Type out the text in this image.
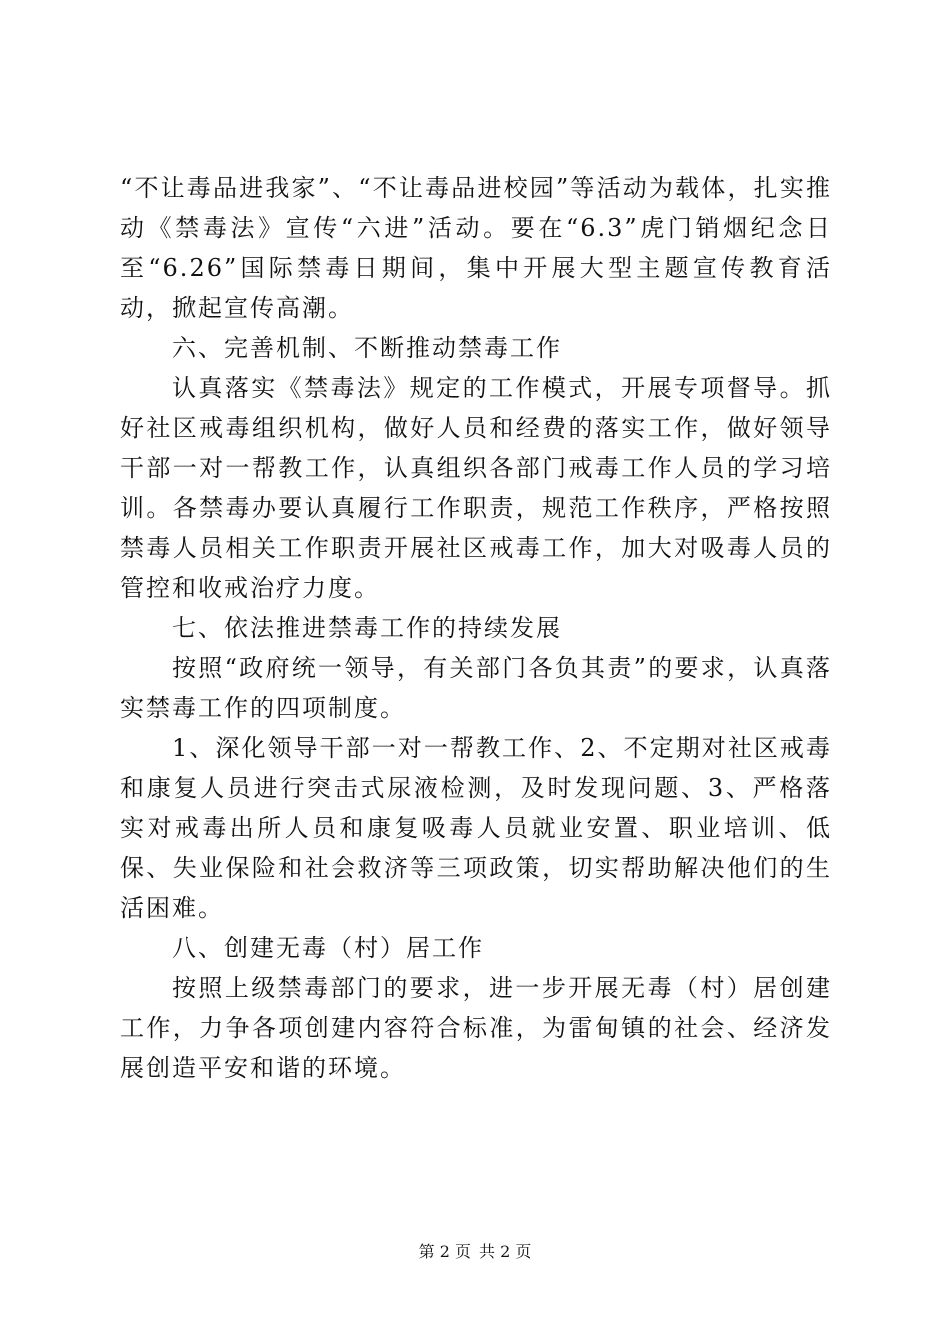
“不让毒品进我家”、“不让毒品进校园”等活动为载体，扎实推动《禁毒法》宣传“六进”活动。要在“6.3”虎门销烟纪念日至“6.26”国际禁毒日期间，集中开展大型主题宣传教育活动，掀起宣传高潮。

六、完善机制、不断推动禁毒工作

认真落实《禁毒法》规定的工作模式，开展专项督导。抓好社区戒毒组织机构，做好人员和经费的落实工作，做好领导干部一对一帮教工作，认真组织各部门戒毒工作人员的学习培训。各禁毒办要认真履行工作职责，规范工作秩序，严格按照禁毒人员相关工作职责开展社区戒毒工作，加大对吸毒人员的管控和收戒治疗力度。

七、依法推进禁毒工作的持续发展

按照“政府统一领导，有关部门各负其责”的要求，认真落实禁毒工作的四项制度。

1、深化领导干部一对一帮教工作、2、不定期对社区戒毒和康复人员进行突击式尿液检测，及时发现问题、3、严格落实对戒毒出所人员和康复吸毒人员就业安置、职业培训、低保、失业保险和社会救济等三项政策，切实帮助解决他们的生活困难。

八、创建无毒（村）居工作

按照上级禁毒部门的要求，进一步开展无毒（村）居创建工作，力争各项创建内容符合标准，为雷甸镇的社会、经济发展创造平安和谐的环境。

第 2 页 共 2 页
